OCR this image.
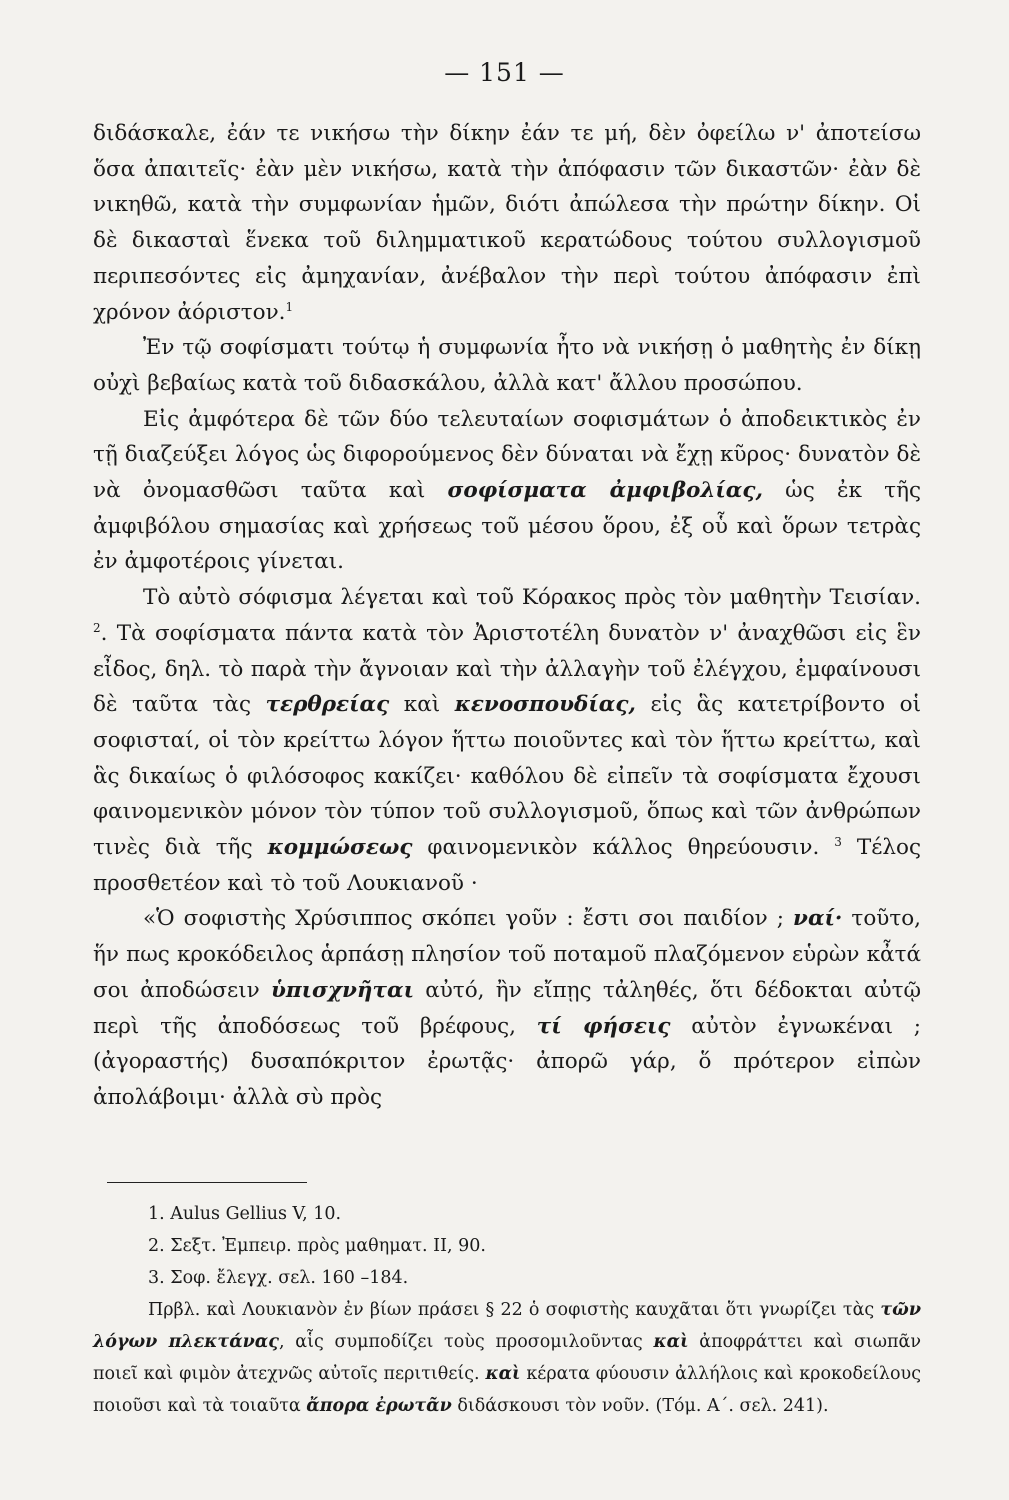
— 151 —

διδάσκαλε, ἐάν τε νικήσω τὴν δίκην ἐάν τε μή, δὲν ὀφείλω ν' ἀποτείσω ὅσα ἀπαιτεῖς· ἐὰν μὲν νικήσω, κατὰ τὴν ἀπόφασιν τῶν δικαστῶν· ἐὰν δὲ νικηθῶ, κατὰ τὴν συμφωνίαν ἡμῶν, διότι ἀπώλεσα τὴν πρώτην δίκην. Οἱ δὲ δικασταὶ ἕνεκα τοῦ διλημματικοῦ κερατώδους τούτου συλλογισμοῦ περιπεσόντες εἰς ἀμηχανίαν, ἀνέβαλον τὴν περὶ τούτου ἀπόφασιν ἐπὶ χρόνον ἀόριστον.$^1$

Ἐν τῷ σοφίσματι τούτῳ ἡ συμφωνία ἦτο νὰ νικήσῃ ὁ μαθητὴς ἐν δίκῃ οὐχὶ βεβαίως κατὰ τοῦ διδασκάλου, ἀλλὰ κατ' ἄλλου προσώπου.

Εἰς ἀμφότερα δὲ τῶν δύο τελευταίων σοφισμάτων ὁ ἀποδεικτικὸς ἐν τῇ διαζεύξει λόγος ὡς διφορούμενος δὲν δύναται νὰ ἔχῃ κῦρος· δυνατὸν δὲ νὰ ὀνομασθῶσι ταῦτα καὶ σοφίσματα ἀμφιβολίας, ὡς ἐκ τῆς ἀμφιβόλου σημασίας καὶ χρήσεως τοῦ μέσου ὅρου, ἐξ οὗ καὶ ὅρων τετρὰς ἐν ἀμφοτέροις γίνεται.

Τὸ αὐτὸ σόφισμα λέγεται καὶ τοῦ Κόρακος πρὸς τὸν μαθητὴν Τεισίαν. $^2$. Τὰ σοφίσματα πάντα κατὰ τὸν Ἀριστοτέλη δυνατὸν ν' ἀναχθῶσι εἰς ἓν εἶδος, δηλ. τὸ παρὰ τὴν ἄγνοιαν καὶ τὴν ἀλλαγὴν τοῦ ἐλέγχου, ἐμφαίνουσι δὲ ταῦτα τὰς τερθρείας καὶ κενοσπουδίας, εἰς ἃς κατετρίβοντο οἱ σοφισταί, οἱ τὸν κρείττω λόγον ἥττω ποιοῦντες καὶ τὸν ἥττω κρείττω, καὶ ἃς δικαίως ὁ φιλόσοφος κακίζει· καθόλου δὲ εἰπεῖν τὰ σοφίσματα ἔχουσι φαινομενικὸν μόνον τὸν τύπον τοῦ συλλογισμοῦ, ὅπως καὶ τῶν ἀνθρώπων τινὲς διὰ τῆς κομμώσεως φαινομενικὸν κάλλος θηρεύουσιν. $^3$ Τέλος προσθετέον καὶ τὸ τοῦ Λουκιανοῦ ·

«Ὁ σοφιστὴς Χρύσιππος σκόπει γοῦν : ἔστι σοι παιδίον ; ναί· τοῦτο, ἥν πως κροκόδειλος ἁρπάσῃ πλησίον τοῦ ποταμοῦ πλαζόμενον εὑρὼν κἆτά σοι ἀποδώσειν ὑπισχνῆται αὐτό, ἢν εἴπῃς τἀληθές, ὅτι δέδοκται αὐτῷ περὶ τῆς ἀποδόσεως τοῦ βρέφους, τί φήσεις αὐτὸν ἐγνωκέναι ; (ἀγοραστής) δυσαπόκριτον ἐρωτᾷς· ἀπορῶ γάρ, ὅ πρότερον εἰπὼν ἀπολάβοιμι· ἀλλὰ σὺ πρὸς

1. Aulus Gellius V, 10.

2. Σεξτ. Ἐμπειρ. πρὸς μαθηματ. II, 90.

3. Σοφ. ἔλεγχ. σελ. 160 –184.

Πρβλ. καὶ Λουκιανὸν ἐν βίων πράσει § 22 ὁ σοφιστὴς καυχᾶται ὅτι γνωρίζει τὰς τῶν λόγων πλεκτάνας, αἷς συμποδίζει τοὺς προσομιλοῦντας καὶ ἀποφράττει καὶ σιωπᾶν ποιεῖ καὶ φιμὸν ἀτεχνῶς αὐτοῖς περιτιθείς. καὶ κέρατα φύουσιν ἀλλήλοις καὶ κροκοδείλους ποιοῦσι καὶ τὰ τοιαῦτα ἄπορα ἐρωτᾶν διδάσκουσι τὸν νοῦν. (Τόμ. Α΄. σελ. 241).
